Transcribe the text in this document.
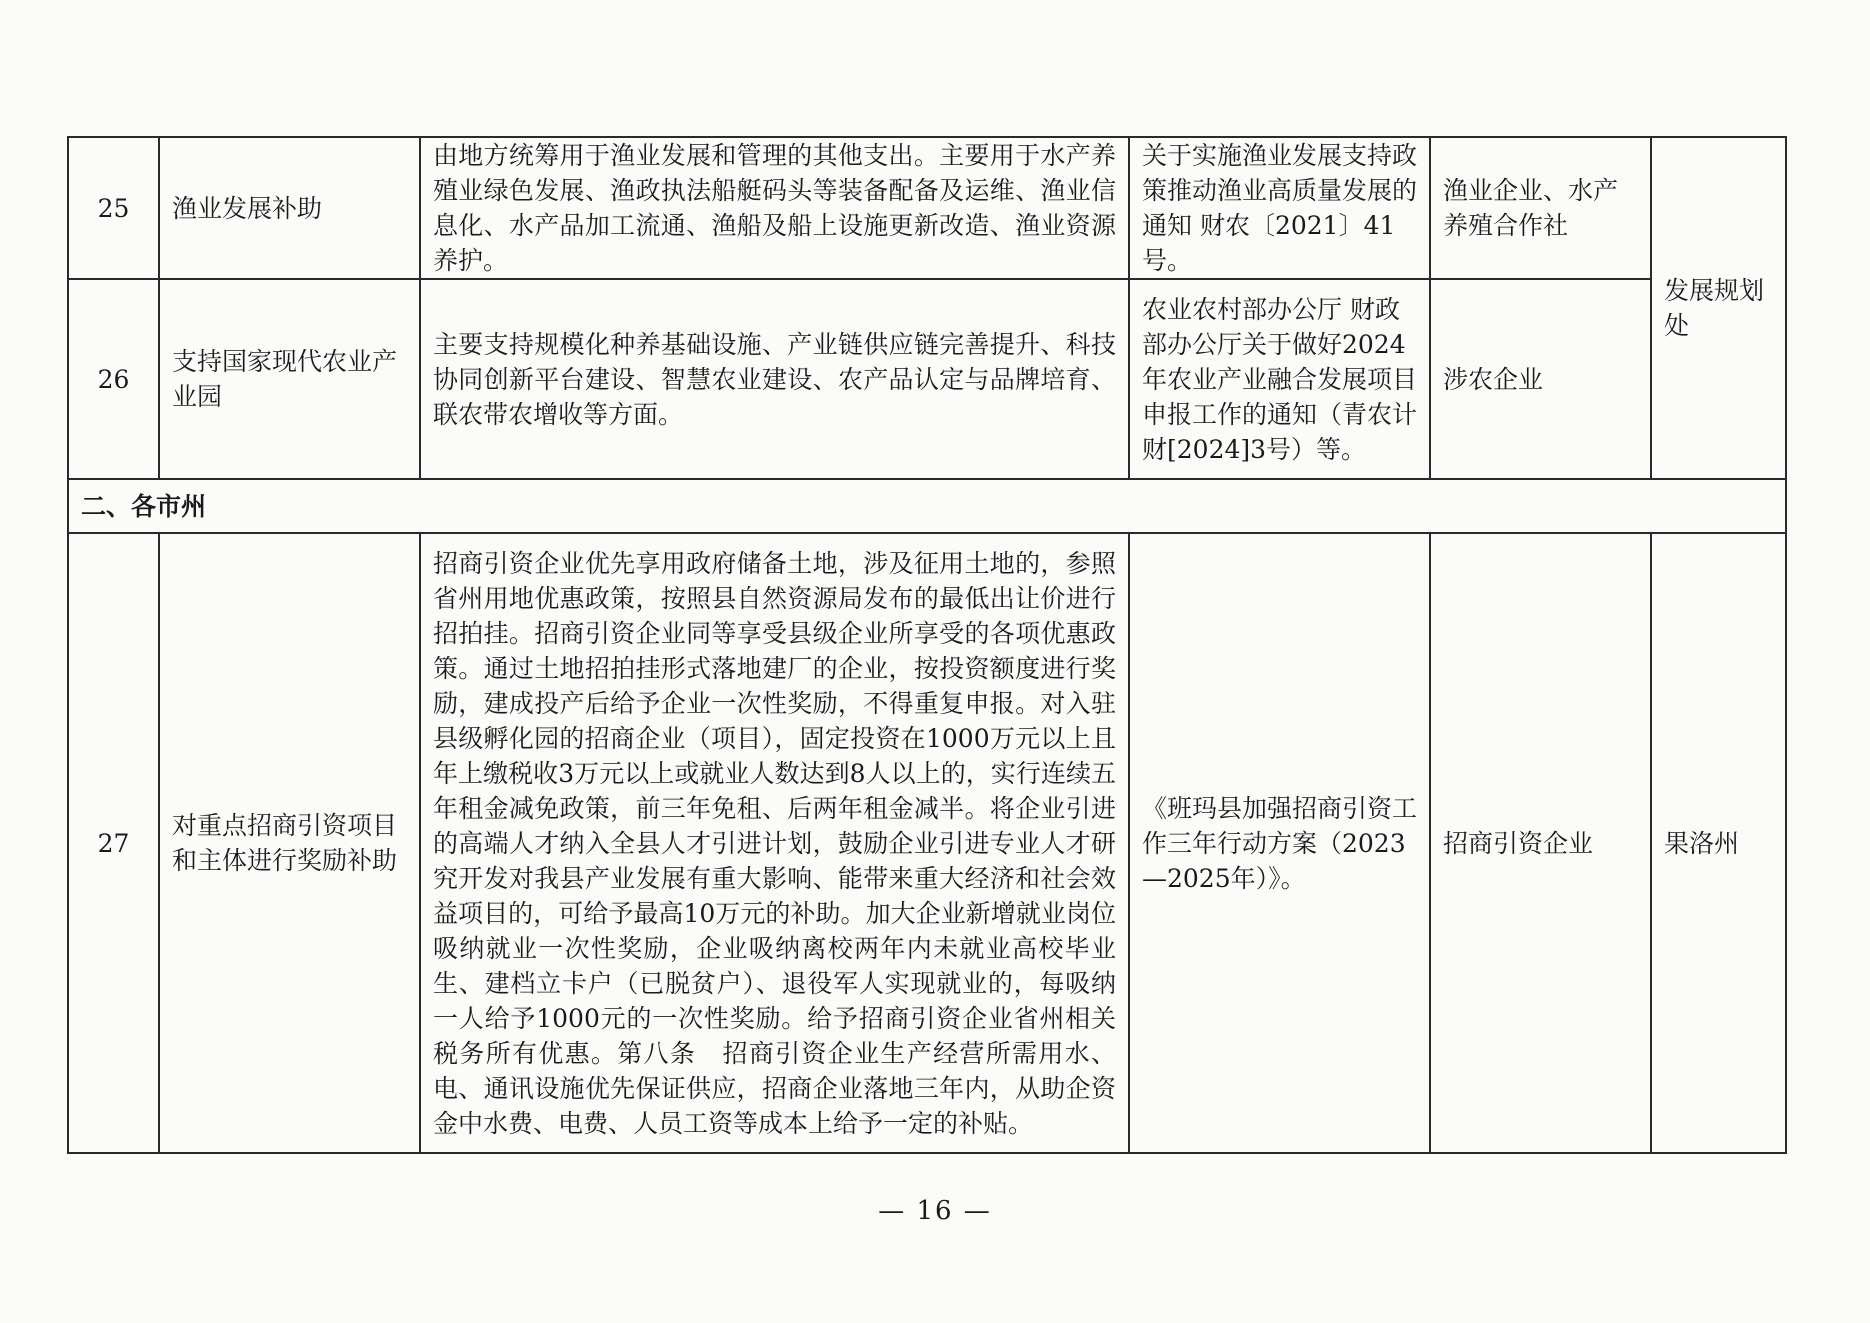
25	渔业发展补助	由地方统筹用于渔业发展和管理的其他支出。主要用于水产养殖业绿色发展、渔政执法船艇码头等装备配备及运维、渔业信息化、水产品加工流通、渔船及船上设施更新改造、渔业资源养护。	关于实施渔业发展支持政策推动渔业高质量发展的通知 财农〔2021〕41号。	渔业企业、水产养殖合作社	发展规划处
26	支持国家现代农业产业园	主要支持规模化种养基础设施、产业链供应链完善提升、科技协同创新平台建设、智慧农业建设、农产品认定与品牌培育、联农带农增收等方面。	农业农村部办公厅 财政部办公厅关于做好2024年农业产业融合发展项目申报工作的通知（青农计财[2024]3号）等。	涉农企业	
二、各市州					
27	对重点招商引资项目和主体进行奖励补助	招商引资企业优先享用政府储备土地，涉及征用土地的，参照省州用地优惠政策，按照县自然资源局发布的最低出让价进行招拍挂。招商引资企业同等享受县级企业所享受的各项优惠政策。通过土地招拍挂形式落地建厂的企业，按投资额度进行奖励，建成投产后给予企业一次性奖励，不得重复申报。对入驻县级孵化园的招商企业（项目），固定投资在1000万元以上且年上缴税收3万元以上或就业人数达到8人以上的，实行连续五年租金减免政策，前三年免租、后两年租金减半。将企业引进的高端人才纳入全县人才引进计划，鼓励企业引进专业人才研究开发对我县产业发展有重大影响、能带来重大经济和社会效益项目的，可给予最高10万元的补助。加大企业新增就业岗位吸纳就业一次性奖励，企业吸纳离校两年内未就业高校毕业生、建档立卡户（已脱贫户）、退役军人实现就业的，每吸纳一人给予1000元的一次性奖励。给予招商引资企业省州相关税务所有优惠。第八条　招商引资企业生产经营所需用水、电、通讯设施优先保证供应，招商企业落地三年内，从助企资金中水费、电费、人员工资等成本上给予一定的补贴。	《班玛县加强招商引资工作三年行动方案（2023—2025年）》。	招商引资企业	果洛州
— 16 —
